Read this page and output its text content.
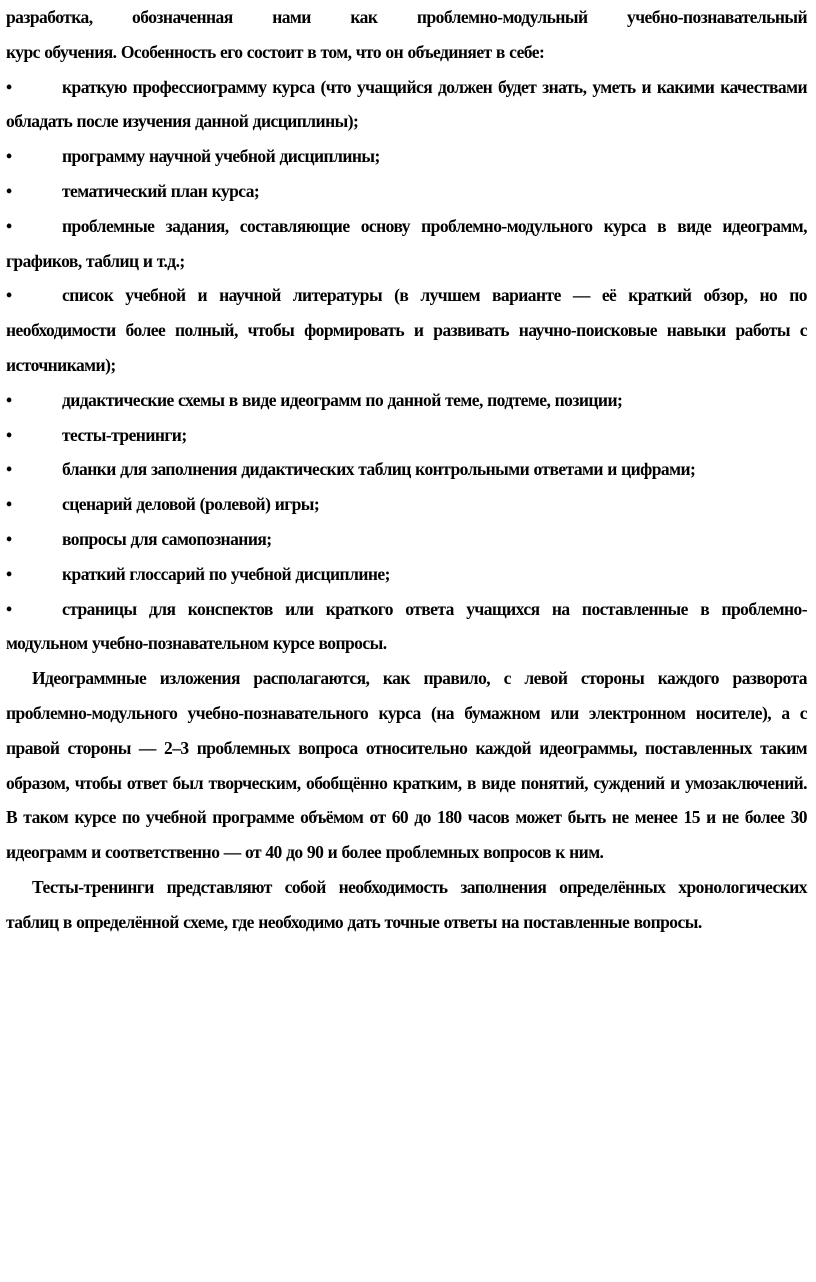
разработка, обозначенная нами как проблемно-модульный учебно-познавательный

курс обучения. Особенность его состоит в том, что он объединяет в себе:

•	краткую профессиограмму курса (что учащийся должен будет знать, уметь и какими качествами обладать после изучения данной дисциплины);

•	программу научной учебной дисциплины;

•	тематический план курса;

•	проблемные задания, составляющие основу проблемно-модульного курса в виде идеограмм, графиков, таблиц и т.д.;

•	список учебной и научной литературы (в лучшем варианте — её краткий обзор, но по необходимости более полный, чтобы формировать и развивать научно-поисковые навыки работы с источниками);

•	дидактические схемы в виде идеограмм по данной теме, подтеме, позиции;

•	тесты-тренинги;

•	бланки для заполнения дидактических таблиц контрольными ответами и цифрами;

•	сценарий деловой (ролевой) игры;

•	вопросы для самопознания;

•	краткий глоссарий по учебной дисциплине;

•	страницы для конспектов или краткого ответа учащихся на поставленные в проблемно-модульном учебно-познавательном курсе вопросы.

Идеограммные изложения располагаются, как правило, с левой стороны каждого разворота проблемно-модульного учебно-познавательного курса (на бумажном или электронном носителе), а с правой стороны — 2–3 проблемных вопроса относительно каждой идеограммы, поставленных таким образом, чтобы ответ был творческим, обобщённо кратким, в виде понятий, суждений и умозаключений. В таком курсе по учебной программе объёмом от 60 до 180 часов может быть не менее 15 и не более 30 идеограмм и соответственно — от 40 до 90 и более проблемных вопросов к ним.

Тесты-тренинги представляют собой необходимость заполнения определённых хронологических таблиц в определённой схеме, где необходимо дать точные ответы на поставленные вопросы.
